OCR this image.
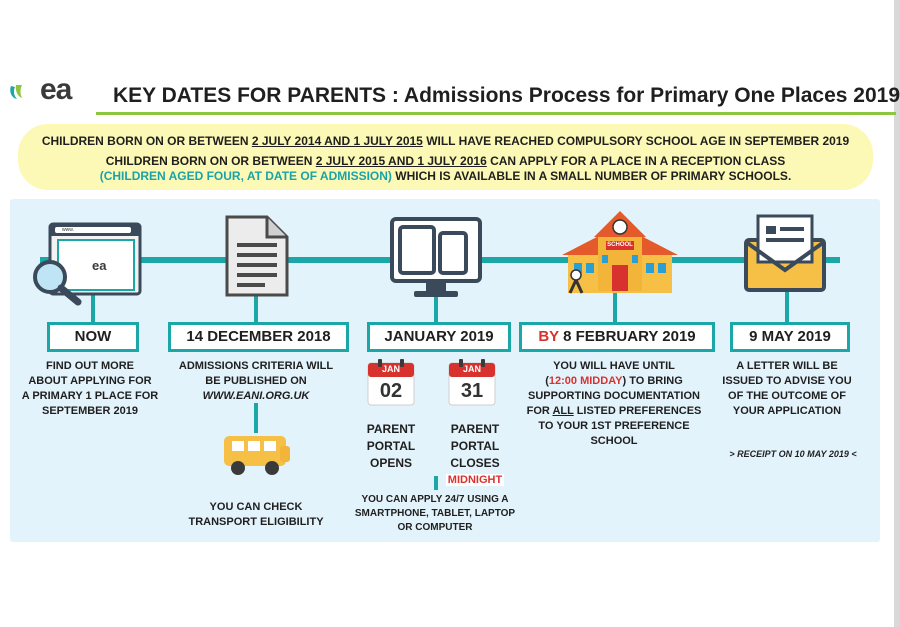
ea KEY DATES FOR PARENTS : Admissions Process for Primary One Places 2019
CHILDREN BORN ON OR BETWEEN 2 JULY 2014 AND 1 JULY 2015 WILL HAVE REACHED COMPULSORY SCHOOL AGE IN SEPTEMBER 2019
CHILDREN BORN ON OR BETWEEN 2 JULY 2015 AND 1 JULY 2016 CAN APPLY FOR A PLACE IN A RECEPTION CLASS
(CHILDREN AGED FOUR, AT DATE OF ADMISSION) WHICH IS AVAILABLE IN A SMALL NUMBER OF PRIMARY SCHOOLS.
www.
ea
SCHOOL
NOW	14 DECEMBER 2018	JANUARY 2019	BY 8 FEBRUARY 2019	9 MAY 2019
FIND OUT MORE
ABOUT APPLYING FOR
A PRIMARY 1 PLACE FOR
SEPTEMBER 2019
ADMISSIONS CRITERIA WILL
BE PUBLISHED ON
WWW.EANI.ORG.UK
YOU CAN CHECK
TRANSPORT ELIGIBILITY
JAN
02
JAN
31
PARENT
PORTAL
OPENS
PARENT
PORTAL
CLOSES
MIDNIGHT
YOU CAN APPLY 24/7 USING A
SMARTPHONE, TABLET, LAPTOP
OR COMPUTER
YOU WILL HAVE UNTIL
(12:00 MIDDAY) TO BRING
SUPPORTING DOCUMENTATION
FOR ALL LISTED PREFERENCES
TO YOUR 1ST PREFERENCE
SCHOOL
A LETTER WILL BE
ISSUED TO ADVISE YOU
OF THE OUTCOME OF
YOUR APPLICATION
> RECEIPT ON 10 MAY 2019 <
